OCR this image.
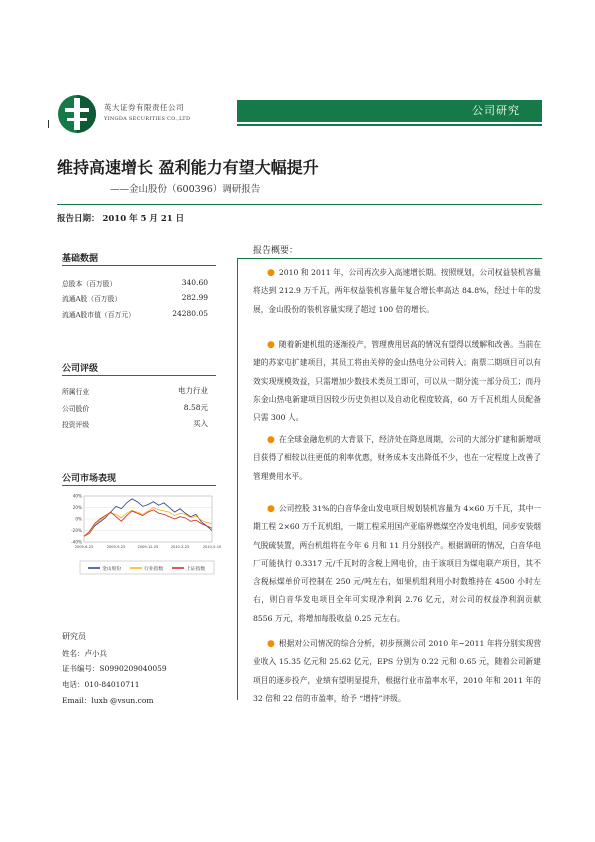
英大证券有限责任公司
YINGDA SECURITIES CO.,LTD
公司研究
维持高速增长 盈利能力有望大幅提升
——金山股份（600396）调研报告
报告日期： 2010 年 5 月 21 日
基础数据
总股本（百万股）	340.60
流通A股（百万股）	282.99
流通A股市值（百万元）	24280.05
公司评级
所属行业	电力行业
公司股价	8.58元
投资评级	买入
公司市场表现
40%
20%
0%
-20%
-40%
2009-6-25	2009-9-25	2009-12-25	2010-3-25	2010-5-10
金山股份	行业指数	上证指数
研究员
姓名：卢小兵
证书编号：S0990209040059
电话：010-84010711
Email：luxb @vsun.com
报告概要：
● 2010 和 2011 年，公司再次步入高速增长期。按照规划，公司权益装机容量将达到 212.9 万千瓦，两年权益装机容量年复合增长率高达 84.8%，经过十年的发展，金山股份的装机容量实现了超过 100 倍的增长。
● 随着新建机组的逐渐投产，管理费用居高的情况有望得以缓解和改善。当前在建的苏家屯扩建项目，其员工将由关停的金山热电分公司转入；南票二期项目可以有效实现规模效益，只需增加少数技术类员工即可，可以从一期分流一部分员工；而丹东金山热电新建项目因较少历史负担以及自动化程度较高，60 万千瓦机组人员配备只需 300 人。
● 在全球金融危机的大背景下，经济处在降息周期，公司的大部分扩建和新增项目获得了相较以往更低的利率优惠，财务成本支出降低不少，也在一定程度上改善了管理费用水平。
● 公司控股 31%的白音华金山发电项目规划装机容量为 4×60 万千瓦，其中一期工程 2×60 万千瓦机组，一期工程采用国产亚临界燃煤空冷发电机组，同步安装烟气脱硫装置，两台机组将在今年 6 月和 11 月分别投产。根据调研的情况，白音华电厂可能执行 0.3317 元/千瓦时的含税上网电价，由于该项目为煤电联产项目，其不含税标煤单价可控制在 250 元/吨左右，如果机组利用小时数维持在 4500 小时左右，则白音华发电项目全年可实现净利润 2.76 亿元，对公司的权益净利润贡献 8556 万元，将增加每股收益 0.25 元左右。
● 根据对公司情况的综合分析，初步预测公司 2010 年~2011 年将分别实现营业收入 15.35 亿元和 25.62 亿元，EPS 分别为 0.22 元和 0.65 元，随着公司新建项目的逐步投产，业绩有望明显提升，根据行业市盈率水平，2010 年和 2011 年的 32 倍和 22 倍的市盈率，给予 “增持”评级。
